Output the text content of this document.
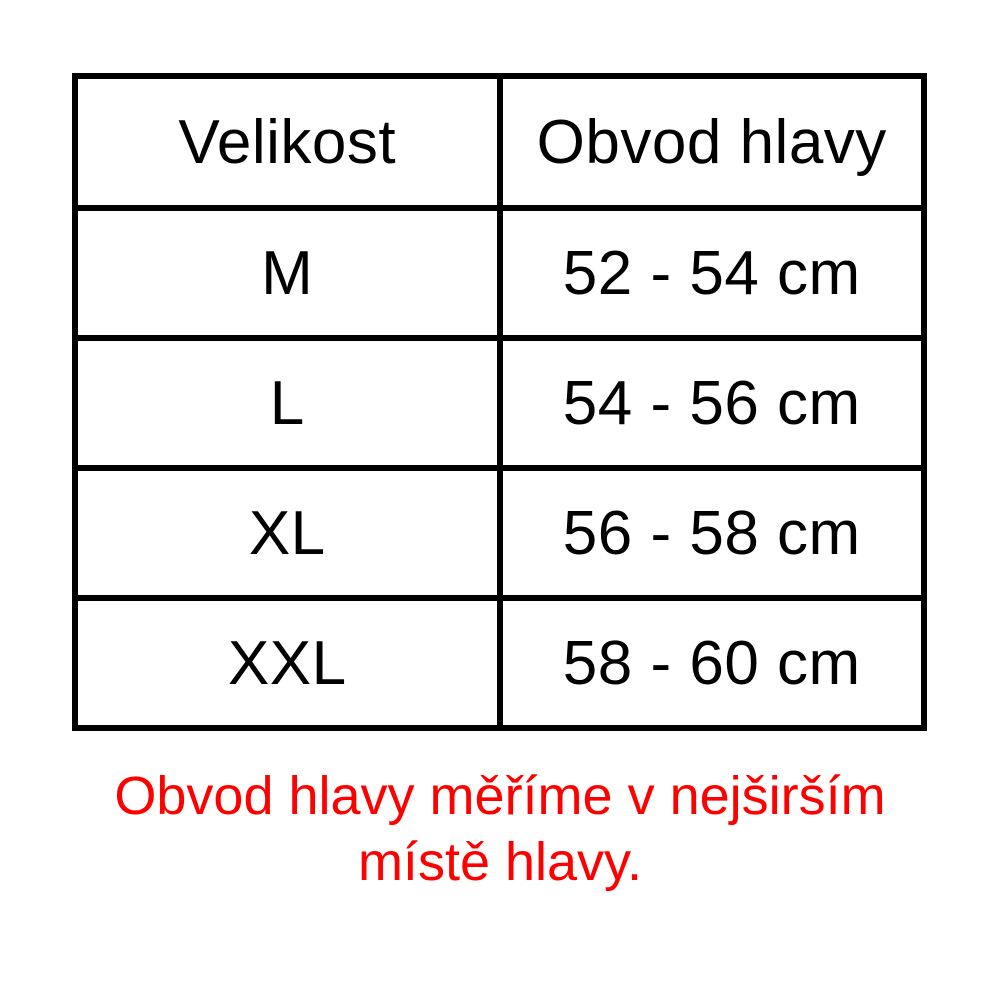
Velikost	Obvod hlavy
M	52 - 54 cm
L	54 - 56 cm
XL	56 - 58 cm
XXL	58 - 60 cm
Obvod hlavy měříme v nejširším
místě hlavy.
